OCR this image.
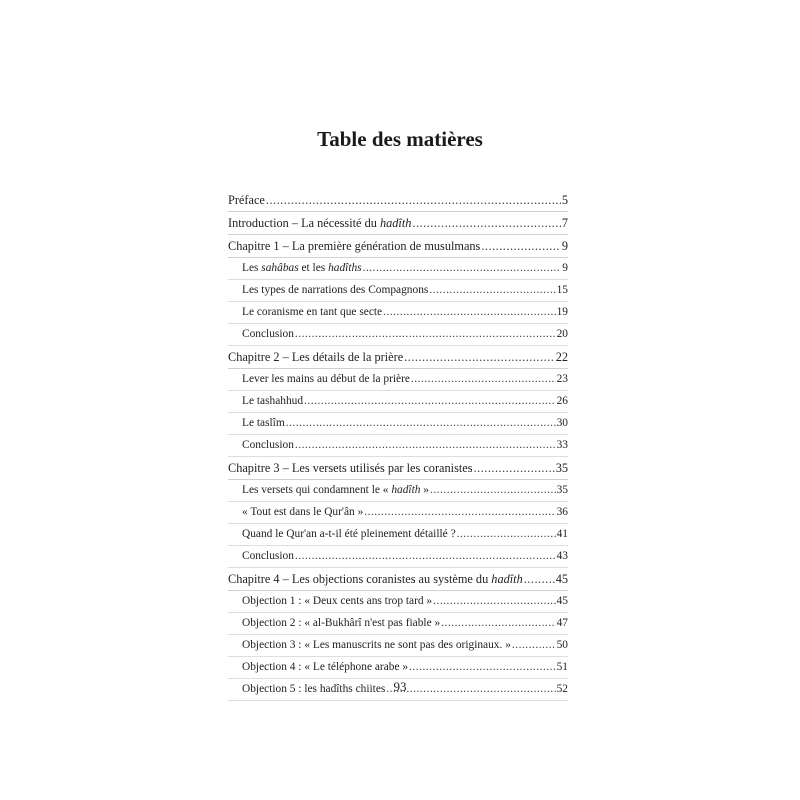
Table des matières
Préface .....	5
Introduction – La nécessité du hadîth .....	7
Chapitre 1 – La première génération de musulmans .....	9
Les sahâbas et les hadîths .....	9
Les types de narrations des Compagnons .....	15
Le coranisme en tant que secte .....	19
Conclusion .....	20
Chapitre 2 – Les détails de la prière .....	22
Lever les mains au début de la prière .....	23
Le tashahhud .....	26
Le taslîm .....	30
Conclusion .....	33
Chapitre 3 – Les versets utilisés par les coranistes .....	35
Les versets qui condamnent le « hadîth » .....	35
« Tout est dans le Qur'ân » .....	36
Quand le Qur'an a-t-il été pleinement détaillé ? .....	41
Conclusion .....	43
Chapitre 4 – Les objections coranistes au système du hadîth .....	45
Objection 1 : « Deux cents ans trop tard » .....	45
Objection 2 : « al-Bukhârî n'est pas fiable » .....	47
Objection 3 : « Les manuscrits ne sont pas des originaux. » .....	50
Objection 4 : « Le téléphone arabe » .....	51
Objection 5 : les hadîths chiites .....	52
93
